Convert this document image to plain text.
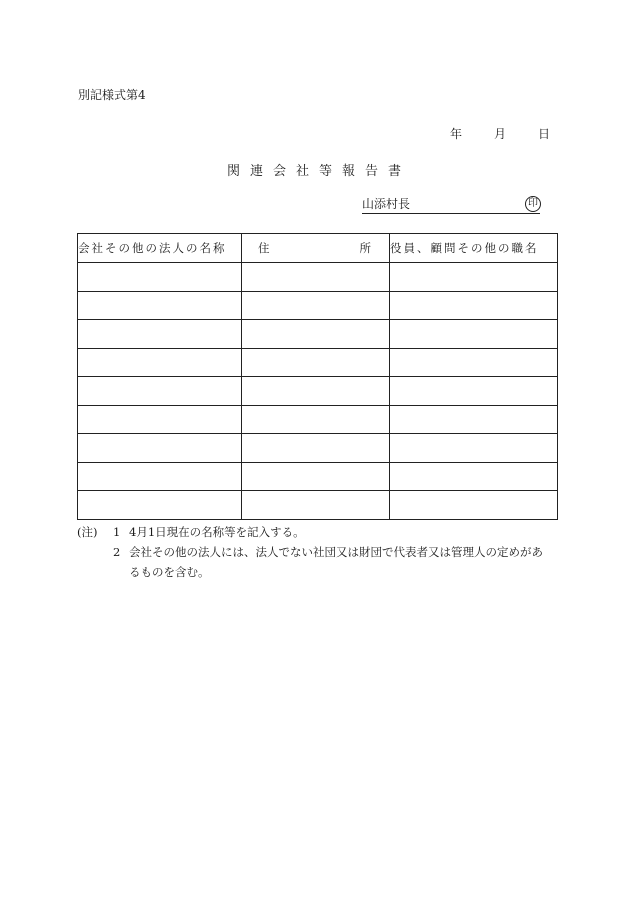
別記様式第4
年	月	日
関連会社等報告書
山添村長	印
会社その他の法人の名称	住 所	役員、顧問その他の職名

(注)	1 4月1日現在の名称等を記入する。
2 会社その他の法人には、法人でない社団又は財団で代表者又は管理人の定めがあ
るものを含む。
